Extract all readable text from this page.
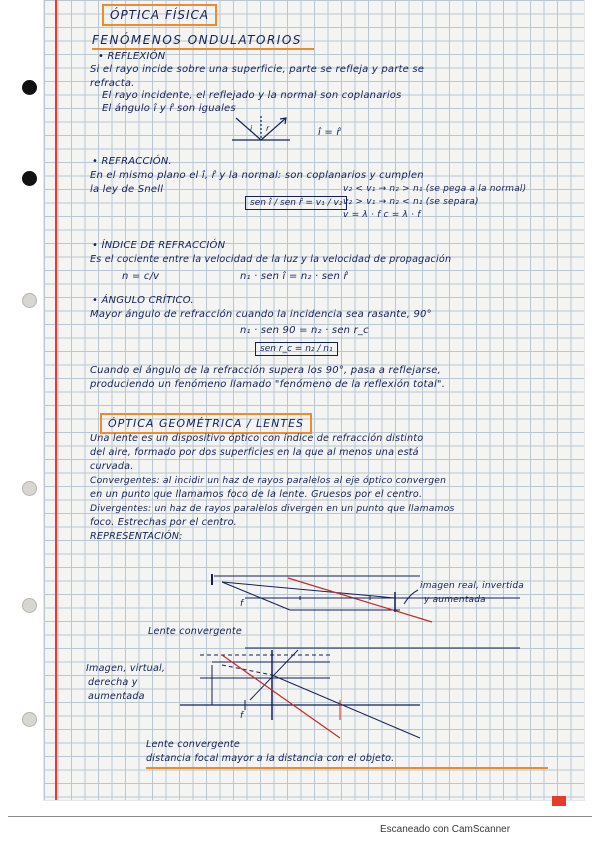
ÓPTICA FÍSICA
FENÓMENOS ONDULATORIOS
• REFLEXIÓN
Si el rayo incide sobre una superficie, parte se refleja y parte se
refracta.
El rayo incidente, el reflejado y la normal son coplanarios
El ángulo î y r̂ son iguales
î = r̂
i r
• REFRACCIÓN.
En el mismo plano el î, r̂ y la normal: son coplanarios y cumplen
la ley de Snell
sen î / sen r̂ = v₁ / v₂
v₂ < v₁ → n₂ > n₁ (se pega a la normal)
v₂ > v₁ → n₂ < n₁ (se separa)
v = λ · f c = λ · f
• ÍNDICE DE REFRACCIÓN
Es el cociente entre la velocidad de la luz y la velocidad de propagación
n = c/v	n₁ · sen î = n₂ · sen r̂
• ÁNGULO CRÍTICO.
Mayor ángulo de refracción cuando la incidencia sea rasante, 90°
n₁ · sen 90 = n₂ · sen r_c
sen r_c = n₂ / n₁
Cuando el ángulo de la refracción supera los 90°, pasa a reflejarse,
produciendo un fenómeno llamado "fenómeno de la reflexión total".
ÓPTICA GEOMÉTRICA / LENTES
Una lente es un dispositivo óptico con índice de refracción distinto
del aire, formado por dos superficies en la que al menos una está
curvada.
Convergentes: al incidir un haz de rayos paralelos al eje óptico convergen
en un punto que llamamos foco de la lente. Gruesos por el centro.
Divergentes: un haz de rayos paralelos divergen en un punto que llamamos
foco. Estrechas por el centro.
REPRESENTACIÓN:
f
imagen real, invertida
y aumentada
Lente convergente
Imagen, virtual,
derecha y
aumentada
f
Lente convergente
distancia focal mayor a la distancia con el objeto.
Escaneado con CamScanner
